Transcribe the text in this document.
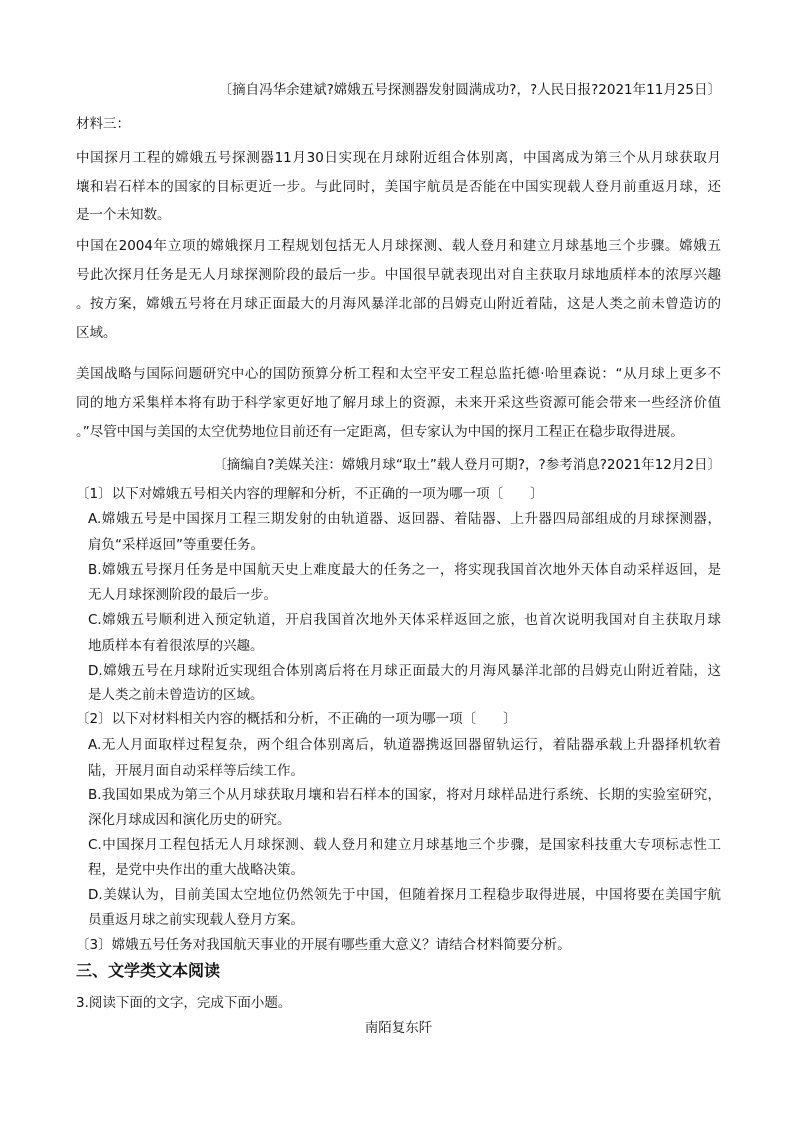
〔摘自冯华余建斌?嫦娥五号探测器发射圆满成功?，?人民日报?2021年11月25日〕
材料三：
中国探月工程的嫦娥五号探测器11月30日实现在月球附近组合体别离，中国离成为第三个从月球获取月
壤和岩石样本的国家的目标更近一步。与此同时，美国宇航员是否能在中国实现载人登月前重返月球，还
是一个未知数。
中国在2004年立项的嫦娥探月工程规划包括无人月球探测、载人登月和建立月球基地三个步骤。嫦娥五
号此次探月任务是无人月球探测阶段的最后一步。中国很早就表现出对自主获取月球地质样本的浓厚兴趣
。按方案，嫦娥五号将在月球正面最大的月海风暴洋北部的吕姆克山附近着陆，这是人类之前未曾造访的
区域。
美国战略与国际问题研究中心的国防预算分析工程和太空平安工程总监托德·哈里森说：“从月球上更多不
同的地方采集样本将有助于科学家更好地了解月球上的资源，未来开采这些资源可能会带来一些经济价值
。”尽管中国与美国的太空优势地位目前还有一定距离，但专家认为中国的探月工程正在稳步取得进展。
〔摘编自?美媒关注：嫦娥月球“取土”载人登月可期?，?参考消息?2021年12月2日〕
〔1〕以下对嫦娥五号相关内容的理解和分析，不正确的一项为哪一项〔　　〕
A.嫦娥五号是中国探月工程三期发射的由轨道器、返回器、着陆器、上升器四局部组成的月球探测器，
肩负“采样返回”等重要任务。
B.嫦娥五号探月任务是中国航天史上难度最大的任务之一，将实现我国首次地外天体自动采样返回，是
无人月球探测阶段的最后一步。
C.嫦娥五号顺利进入预定轨道，开启我国首次地外天体采样返回之旅，也首次说明我国对自主获取月球
地质样本有着很浓厚的兴趣。
D.嫦娥五号在月球附近实现组合体别离后将在月球正面最大的月海风暴洋北部的吕姆克山附近着陆，这
是人类之前未曾造访的区域。
〔2〕以下对材料相关内容的概括和分析，不正确的一项为哪一项〔　　〕
A.无人月面取样过程复杂，两个组合体别离后，轨道器携返回器留轨运行，着陆器承载上升器择机软着
陆，开展月面自动采样等后续工作。
B.我国如果成为第三个从月球获取月壤和岩石样本的国家，将对月球样品进行系统、长期的实验室研究，
深化月球成因和演化历史的研究。
C.中国探月工程包括无人月球探测、载人登月和建立月球基地三个步骤，是国家科技重大专项标志性工
程，是党中央作出的重大战略决策。
D.美媒认为，目前美国太空地位仍然领先于中国，但随着探月工程稳步取得进展，中国将要在美国宇航
员重返月球之前实现载人登月方案。
〔3〕嫦娥五号任务对我国航天事业的开展有哪些重大意义？请结合材料简要分析。
三、文学类文本阅读
3.阅读下面的文字，完成下面小题。
南陌复东阡
